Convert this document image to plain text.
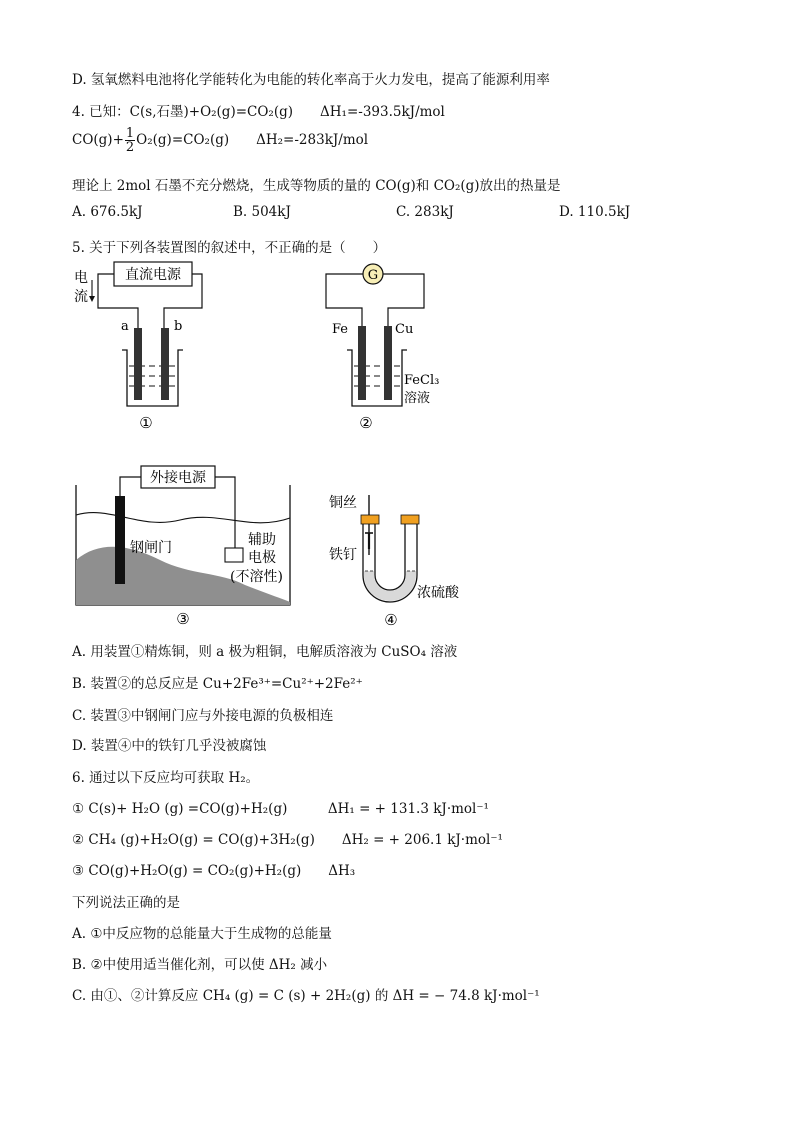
D. 氢氧燃料电池将化学能转化为电能的转化率高于火力发电，提高了能源利用率
4. 已知：C(s,石墨)+O₂(g)=CO₂(g)　　ΔH₁=-393.5kJ/mol
$CO(g)+ \frac{1}{2} O_2(g)=CO_2(g)$　　ΔH₂=-283kJ/mol
理论上 2mol 石墨不充分燃烧，生成等物质的量的 CO(g)和 CO₂(g)放出的热量是
A. 676.5kJ	B. 504kJ	C. 283kJ	D. 110.5kJ
5. 关于下列各装置图的叙述中，不正确的是（　　）
直流电源
电
流
a	b
①
G
Fe	Cu
FeCl₃
溶液
②
外接电源
钢闸门	辅助
电极
(不溶性)
③
铜丝
铁钉
浓硫酸
④
A. 用装置①精炼铜，则 a 极为粗铜，电解质溶液为 CuSO₄ 溶液
B. 装置②的总反应是 Cu+2Fe³⁺=Cu²⁺+2Fe²⁺
C. 装置③中钢闸门应与外接电源的负极相连
D. 装置④中的铁钉几乎没被腐蚀
6. 通过以下反应均可获取 H₂。
① C(s)+ H₂O (g) =CO(g)+H₂(g)　　　ΔH₁ = + 131.3 kJ·mol⁻¹
② CH₄ (g)+H₂O(g) = CO(g)+3H₂(g)　　ΔH₂ = + 206.1 kJ·mol⁻¹
③ CO(g)+H₂O(g) = CO₂(g)+H₂(g)　　ΔH₃
下列说法正确的是
A. ①中反应物的总能量大于生成物的总能量
B. ②中使用适当催化剂，可以使 ΔH₂ 减小
C. 由①、②计算反应 CH₄ (g) = C (s) + 2H₂(g) 的 ΔH = − 74.8 kJ·mol⁻¹
